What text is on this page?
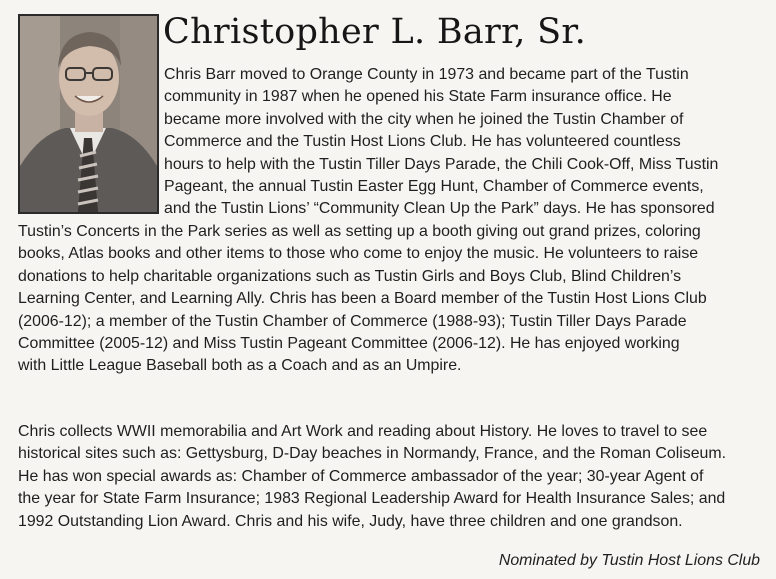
Christopher L. Barr, Sr.
Chris Barr moved to Orange County in 1973 and became part of the Tustin
community in 1987 when he opened his State Farm insurance office. He
became more involved with the city when he joined the Tustin Chamber of
Commerce and the Tustin Host Lions Club. He has volunteered countless
hours to help with the Tustin Tiller Days Parade, the Chili Cook-Off, Miss Tustin
Pageant, the annual Tustin Easter Egg Hunt, Chamber of Commerce events,
and the Tustin Lions’ “Community Clean Up the Park” days. He has sponsored
Tustin’s Concerts in the Park series as well as setting up a booth giving out grand prizes, coloring
books, Atlas books and other items to those who come to enjoy the music. He volunteers to raise
donations to help charitable organizations such as Tustin Girls and Boys Club, Blind Children’s
Learning Center, and Learning Ally. Chris has been a Board member of the Tustin Host Lions Club
(2006-12); a member of the Tustin Chamber of Commerce (1988-93); Tustin Tiller Days Parade
Committee (2005-12) and Miss Tustin Pageant Committee (2006-12). He has enjoyed working
with Little League Baseball both as a Coach and as an Umpire.
Chris collects WWII memorabilia and Art Work and reading about History. He loves to travel to see
historical sites such as: Gettysburg, D-Day beaches in Normandy, France, and the Roman Coliseum.
He has won special awards as: Chamber of Commerce ambassador of the year; 30-year Agent of
the year for State Farm Insurance; 1983 Regional Leadership Award for Health Insurance Sales; and
1992 Outstanding Lion Award. Chris and his wife, Judy, have three children and one grandson.
Nominated by Tustin Host Lions Club
